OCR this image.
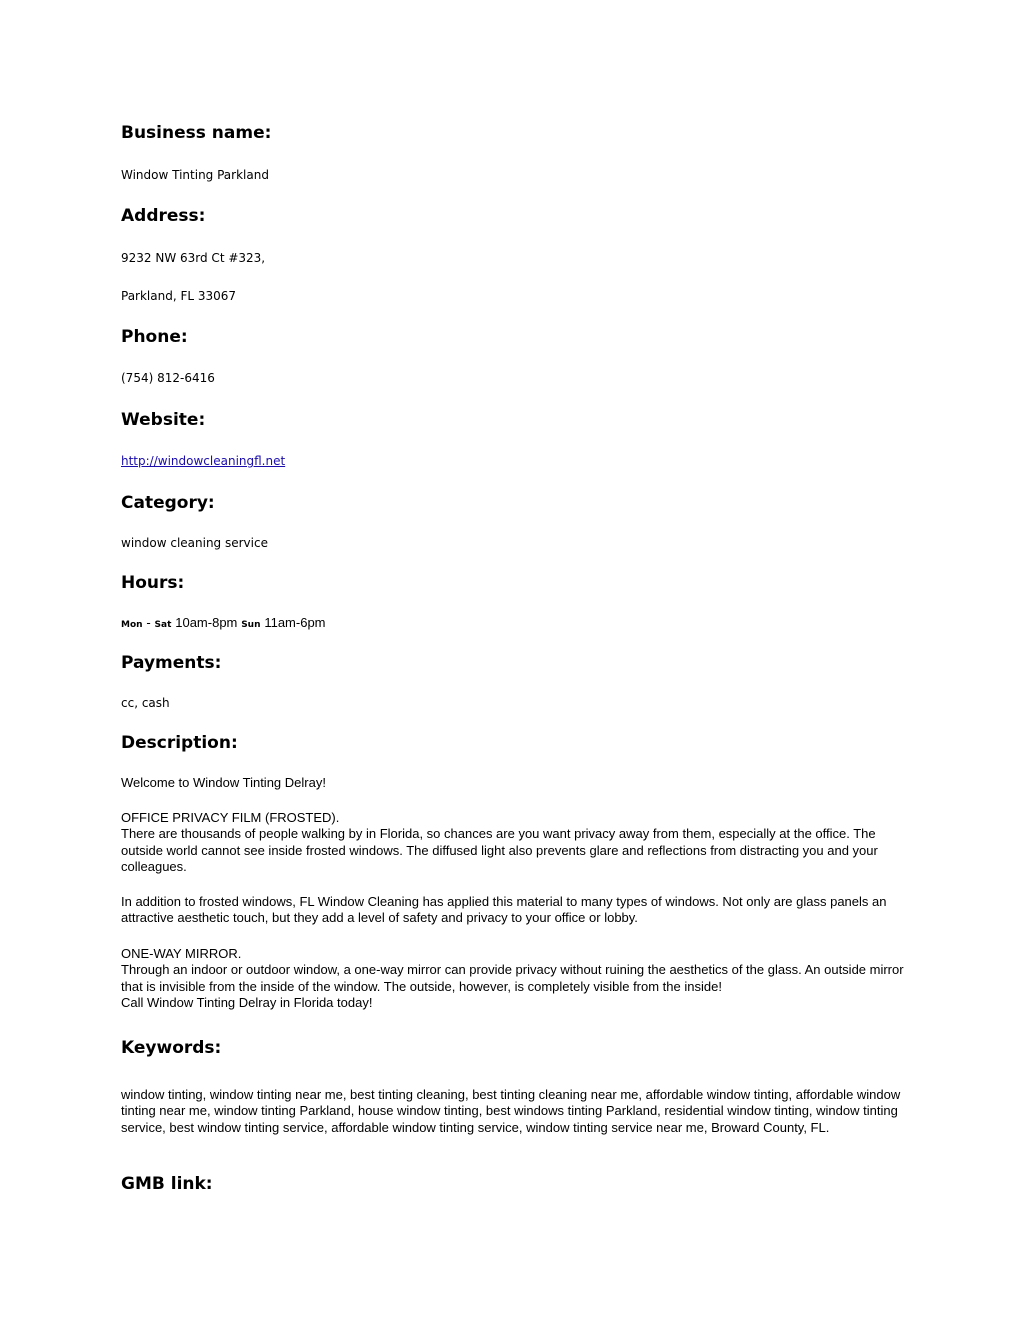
Business name:
Window Tinting Parkland
Address:
9232 NW 63rd Ct #323,
Parkland, FL 33067
Phone:
(754) 812-6416
Website:
http://windowcleaningfl.net
Category:
window cleaning service
Hours:
Mon - Sat 10am-8pm Sun 11am-6pm
Payments:
cc, cash
Description:
Welcome to Window Tinting Delray!
OFFICE PRIVACY FILM (FROSTED).
There are thousands of people walking by in Florida, so chances are you want privacy away from them, especially at the office. The outside world cannot see inside frosted windows. The diffused light also prevents glare and reflections from distracting you and your colleagues.
In addition to frosted windows, FL Window Cleaning has applied this material to many types of windows. Not only are glass panels an attractive aesthetic touch, but they add a level of safety and privacy to your office or lobby.
ONE-WAY MIRROR.
Through an indoor or outdoor window, a one-way mirror can provide privacy without ruining the aesthetics of the glass. An outside mirror that is invisible from the inside of the window. The outside, however, is completely visible from the inside!
Call Window Tinting Delray in Florida today!
Keywords:
window tinting, window tinting near me, best tinting cleaning, best tinting cleaning near me, affordable window tinting, affordable window tinting near me, window tinting Parkland, house window tinting, best windows tinting Parkland, residential window tinting, window tinting service, best window tinting service, affordable window tinting service, window tinting service near me, Broward County, FL.
GMB link:
